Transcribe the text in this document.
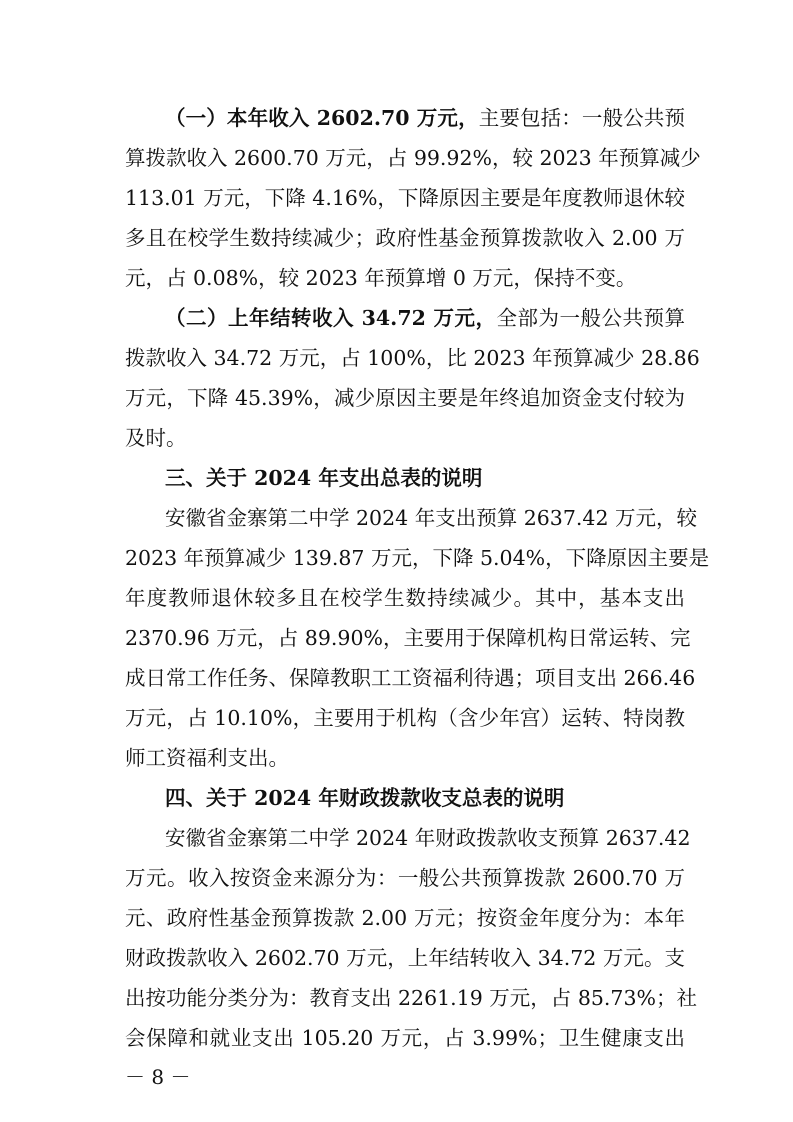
（一）本年收入 2602.70 万元，主要包括：一般公共预
算拨款收入 2600.70 万元，占 99.92%，较 2023 年预算减少
113.01 万元，下降 4.16%，下降原因主要是年度教师退休较
多且在校学生数持续减少；政府性基金预算拨款收入 2.00 万
元，占 0.08%，较 2023 年预算增 0 万元，保持不变。
（二）上年结转收入 34.72 万元，全部为一般公共预算
拨款收入 34.72 万元，占 100%，比 2023 年预算减少 28.86
万元，下降 45.39%，减少原因主要是年终追加资金支付较为
及时。
三、关于 2024 年支出总表的说明
安徽省金寨第二中学 2024 年支出预算 2637.42 万元，较
2023 年预算减少 139.87 万元，下降 5.04%，下降原因主要是
年度教师退休较多且在校学生数持续减少。其中，基本支出
2370.96 万元，占 89.90%，主要用于保障机构日常运转、完
成日常工作任务、保障教职工工资福利待遇；项目支出 266.46
万元，占 10.10%，主要用于机构（含少年宫）运转、特岗教
师工资福利支出。
四、关于 2024 年财政拨款收支总表的说明
安徽省金寨第二中学 2024 年财政拨款收支预算 2637.42
万元。收入按资金来源分为：一般公共预算拨款 2600.70 万
元、政府性基金预算拨款 2.00 万元；按资金年度分为：本年
财政拨款收入 2602.70 万元，上年结转收入 34.72 万元。支
出按功能分类分为：教育支出 2261.19 万元，占 85.73%；社
会保障和就业支出 105.20 万元，占 3.99%；卫生健康支出
－ 8 －
